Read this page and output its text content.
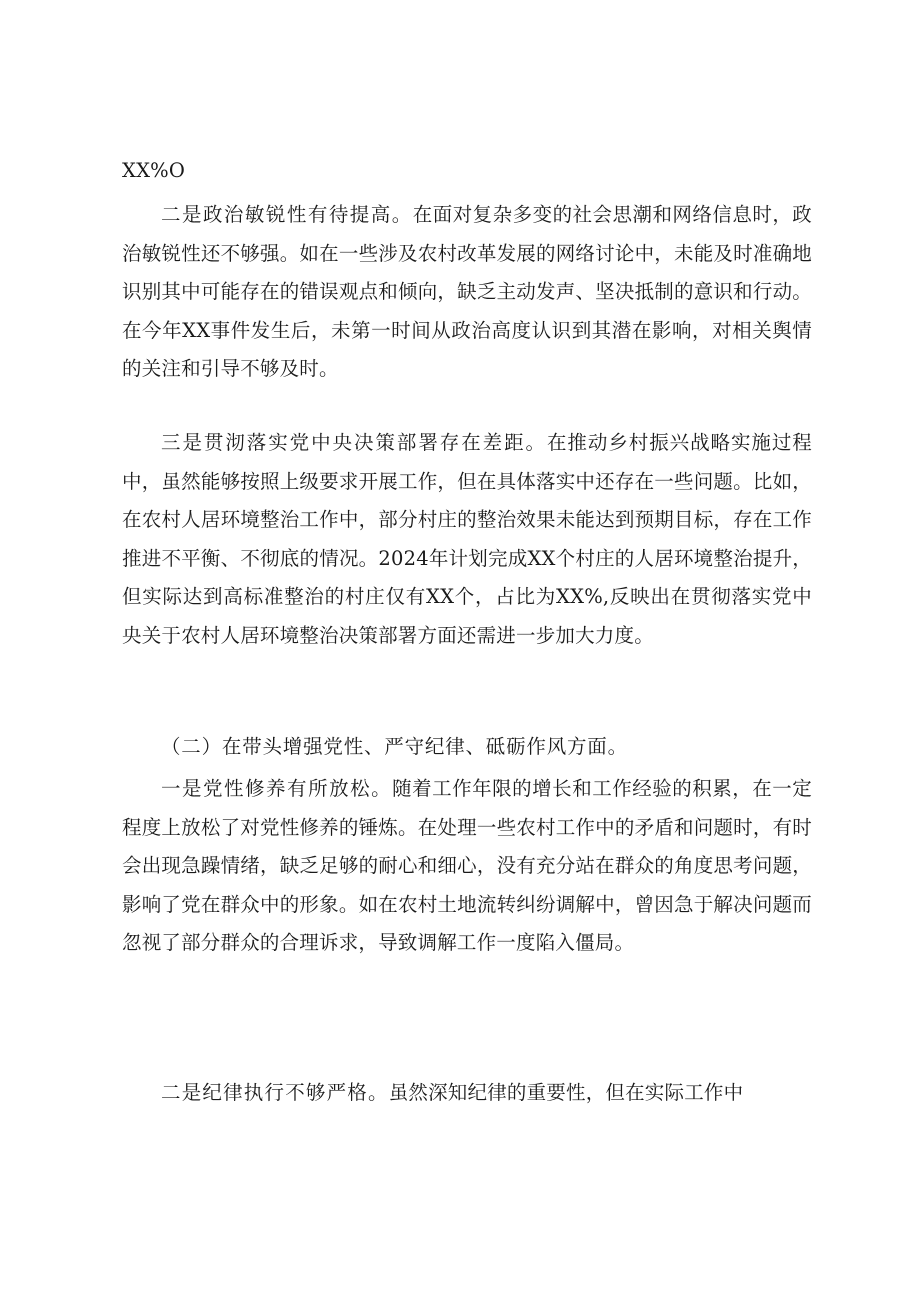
XX%O
二是政治敏锐性有待提高。在面对复杂多变的社会思潮和网络信息时，政治敏锐性还不够强。如在一些涉及农村改革发展的网络讨论中，未能及时准确地识别其中可能存在的错误观点和倾向，缺乏主动发声、坚决抵制的意识和行动。在今年XX事件发生后，未第一时间从政治高度认识到其潜在影响，对相关舆情的关注和引导不够及时。
三是贯沏落实党中央决策部署存在差距。在推动乡村振兴战略实施过程中，虽然能够按照上级要求开展工作，但在具体落实中还存在一些问题。比如，在农村人居环境整治工作中，部分村庄的整治效果未能达到预期目标，存在工作推进不平衡、不彻底的情况。2024年计划完成XX个村庄的人居环境整治提升，但实际达到高标准整治的村庄仅有XX个，占比为XX%,反映出在贯彻落实党中央关于农村人居环境整治决策部署方面还需进一步加大力度。
（二）在带头增强党性、严守纪律、砥砺作风方面。
一是党性修养有所放松。随着工作年限的增长和工作经验的积累，在一定程度上放松了对党性修养的锤炼。在处理一些农村工作中的矛盾和问题时，有时会出现急躁情绪，缺乏足够的耐心和细心，没有充分站在群众的角度思考问题，影响了党在群众中的形象。如在农村土地流转纠纷调解中，曾因急于解决问题而忽视了部分群众的合理诉求，导致调解工作一度陷入僵局。
二是纪律执行不够严格。虽然深知纪律的重要性，但在实际工作中
